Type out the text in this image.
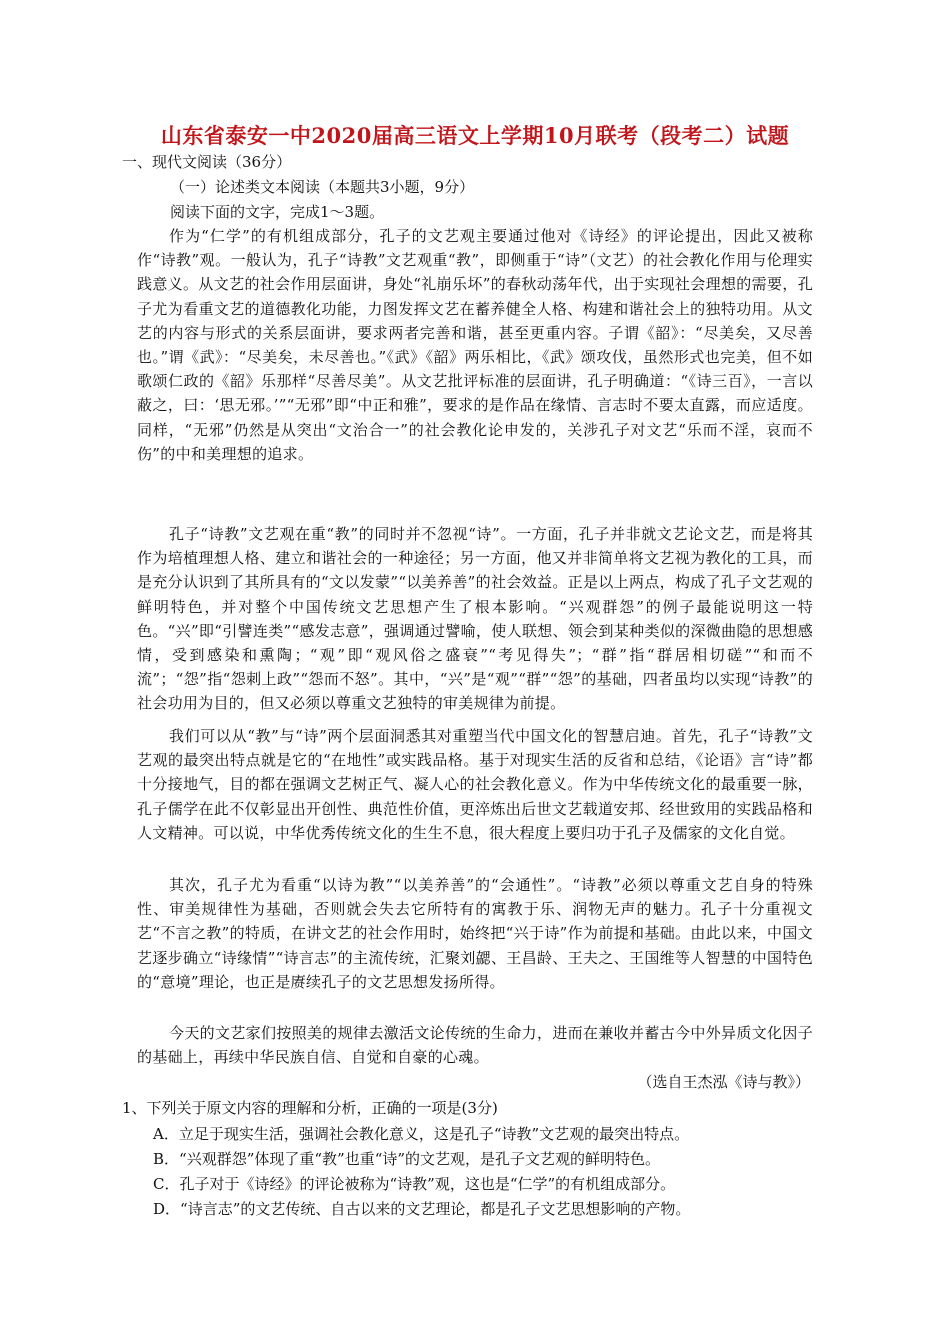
山东省泰安一中2020届高三语文上学期10月联考（段考二）试题
一、现代文阅读（36分）
（一）论述类文本阅读（本题共3小题，9分）
阅读下面的文字，完成1～3题。
作为“仁学”的有机组成部分，孔子的文艺观主要通过他对《诗经》的评论提出，因此又被称作“诗教”观。一般认为，孔子“诗教”文艺观重“教”，即侧重于“诗”（文艺）的社会教化作用与伦理实践意义。从文艺的社会作用层面讲，身处“礼崩乐坏”的春秋动荡年代，出于实现社会理想的需要，孔子尤为看重文艺的道德教化功能，力图发挥文艺在蓄养健全人格、构建和谐社会上的独特功用。从文艺的内容与形式的关系层面讲，要求两者完善和谐，甚至更重内容。子谓《韶》：“尽美矣，又尽善也。”谓《武》：“尽美矣，未尽善也。”《武》《韶》两乐相比，《武》颂攻伐，虽然形式也完美，但不如歌颂仁政的《韶》乐那样“尽善尽美”。从文艺批评标准的层面讲，孔子明确道：“《诗三百》，一言以蔽之，曰：‘思无邪。’”“无邪”即“中正和雅”，要求的是作品在缘情、言志时不要太直露，而应适度。同样，“无邪”仍然是从突出“文治合一”的社会教化论申发的，关涉孔子对文艺“乐而不淫，哀而不伤”的中和美理想的追求。
孔子“诗教”文艺观在重“教”的同时并不忽视“诗”。一方面，孔子并非就文艺论文艺，而是将其作为培植理想人格、建立和谐社会的一种途径；另一方面，他又并非简单将文艺视为教化的工具，而是充分认识到了其所具有的“文以发蒙”“以美养善”的社会效益。正是以上两点，构成了孔子文艺观的鲜明特色，并对整个中国传统文艺思想产生了根本影响。“兴观群怨”的例子最能说明这一特色。“兴”即“引譬连类”“感发志意”，强调通过譬喻，使人联想、领会到某种类似的深微曲隐的思想感情，受到感染和熏陶；“观”即“观风俗之盛衰”“考见得失”；“群”指“群居相切磋”“和而不流”；“怨”指“怨刺上政”“怨而不怒”。其中，“兴”是“观”“群”“怨”的基础，四者虽均以实现“诗教”的社会功用为目的，但又必须以尊重文艺独特的审美规律为前提。
我们可以从“教”与“诗”两个层面洞悉其对重塑当代中国文化的智慧启迪。首先，孔子“诗教”文艺观的最突出特点就是它的“在地性”或实践品格。基于对现实生活的反省和总结，《论语》言“诗”都十分接地气，目的都在强调文艺树正气、凝人心的社会教化意义。作为中华传统文化的最重要一脉，孔子儒学在此不仅彰显出开创性、典范性价值，更淬炼出后世文艺载道安邦、经世致用的实践品格和人文精神。可以说，中华优秀传统文化的生生不息，很大程度上要归功于孔子及儒家的文化自觉。
其次，孔子尤为看重“以诗为教”“以美养善”的“会通性”。“诗教”必须以尊重文艺自身的特殊性、审美规律性为基础，否则就会失去它所特有的寓教于乐、润物无声的魅力。孔子十分重视文艺“不言之教”的特质，在讲文艺的社会作用时，始终把“兴于诗”作为前提和基础。由此以来，中国文艺逐步确立“诗缘情”“诗言志”的主流传统，汇聚刘勰、王昌龄、王夫之、王国维等人智慧的中国特色的“意境”理论，也正是赓续孔子的文艺思想发扬所得。
今天的文艺家们按照美的规律去激活文论传统的生命力，进而在兼收并蓄古今中外异质文化因子的基础上，再续中华民族自信、自觉和自豪的心魂。
（选自王杰泓《诗与教》）
1、下列关于原文内容的理解和分析，正确的一项是(3分)
A．立足于现实生活，强调社会教化意义，这是孔子“诗教”文艺观的最突出特点。
B．“兴观群怨”体现了重“教”也重“诗”的文艺观，是孔子文艺观的鲜明特色。
C．孔子对于《诗经》的评论被称为“诗教”观，这也是“仁学”的有机组成部分。
D．“诗言志”的文艺传统、自古以来的文艺理论，都是孔子文艺思想影响的产物。
